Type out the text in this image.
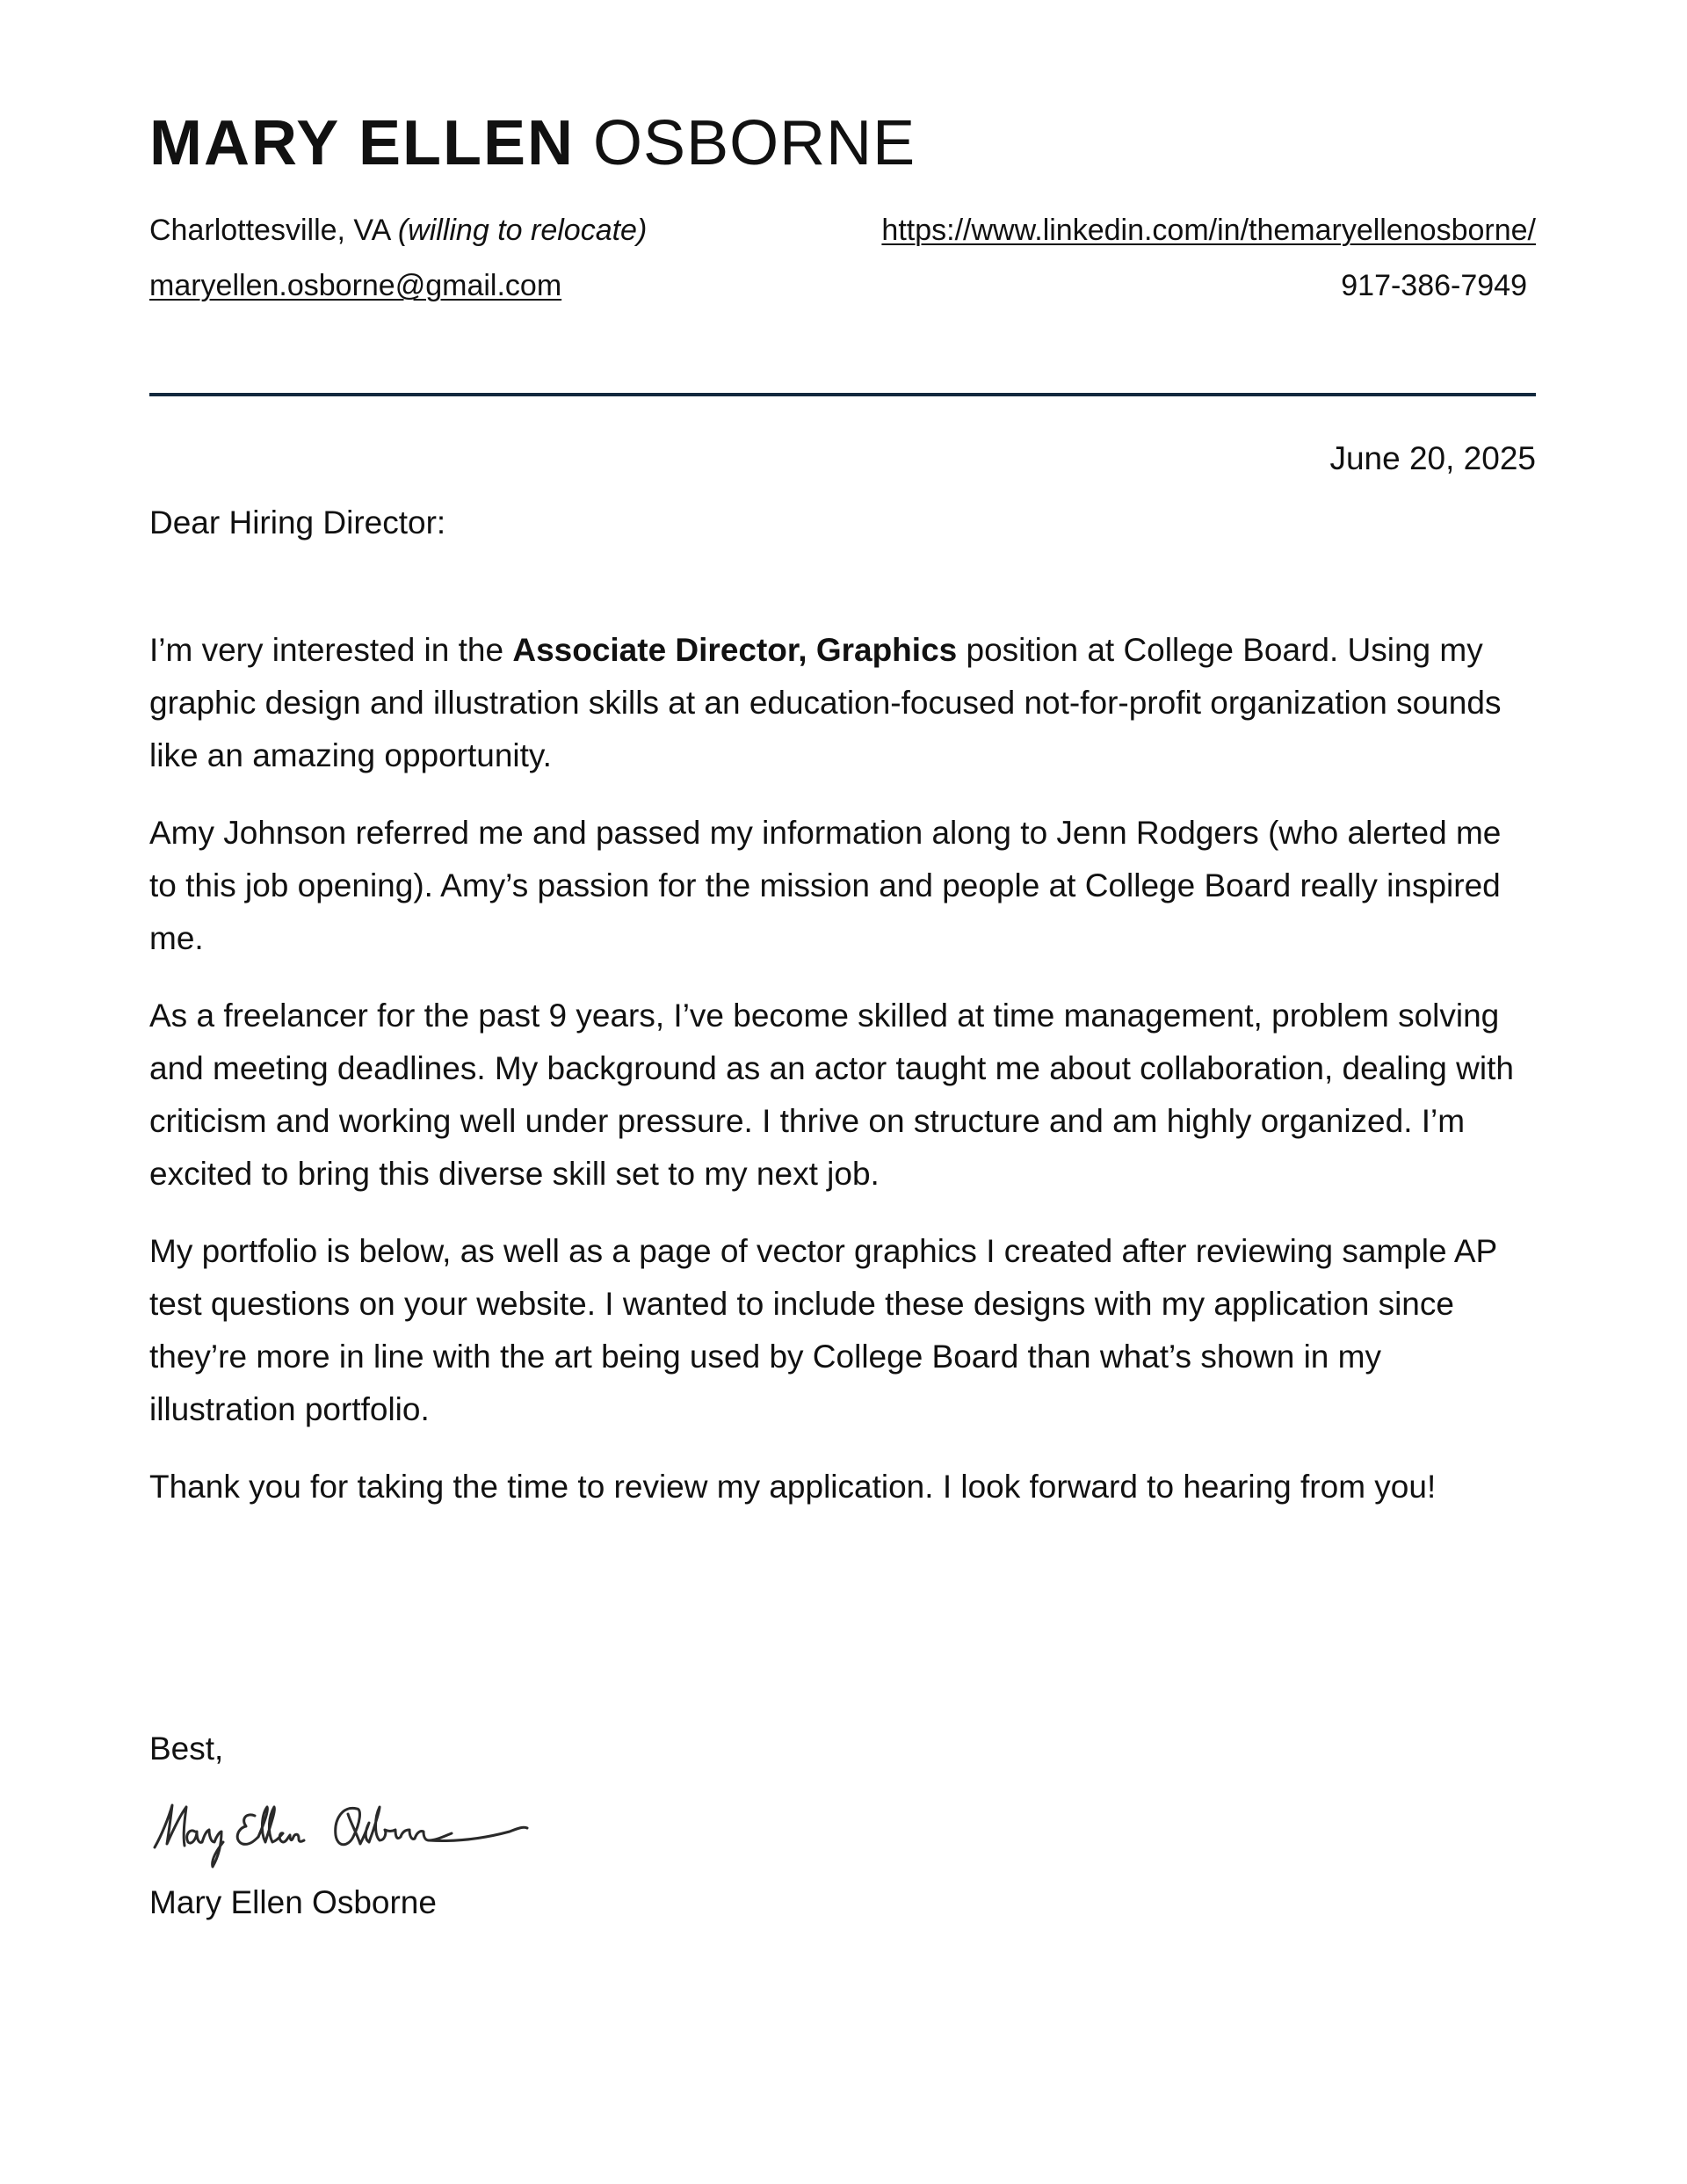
MARY ELLEN OSBORNE
Charlottesville, VA (willing to relocate)	https://www.linkedin.com/in/themaryellenosborne/
maryellen.osborne@gmail.com	917-386-7949
June 20, 2025
Dear Hiring Director:

I’m very interested in the Associate Director, Graphics position at College Board. Using my graphic design and illustration skills at an education-focused not-for-profit organization sounds like an amazing opportunity.

Amy Johnson referred me and passed my information along to Jenn Rodgers (who alerted me to this job opening). Amy’s passion for the mission and people at College Board really inspired me.

As a freelancer for the past 9 years, I’ve become skilled at time management, problem solving and meeting deadlines. My background as an actor taught me about collaboration, dealing with criticism and working well under pressure. I thrive on structure and am highly organized. I’m excited to bring this diverse skill set to my next job.

My portfolio is below, as well as a page of vector graphics I created after reviewing sample AP test questions on your website. I wanted to include these designs with my application since they’re more in line with the art being used by College Board than what’s shown in my illustration portfolio.

Thank you for taking the time to review my application. I look forward to hearing from you!

Best,
Mary Ellen Osborne
